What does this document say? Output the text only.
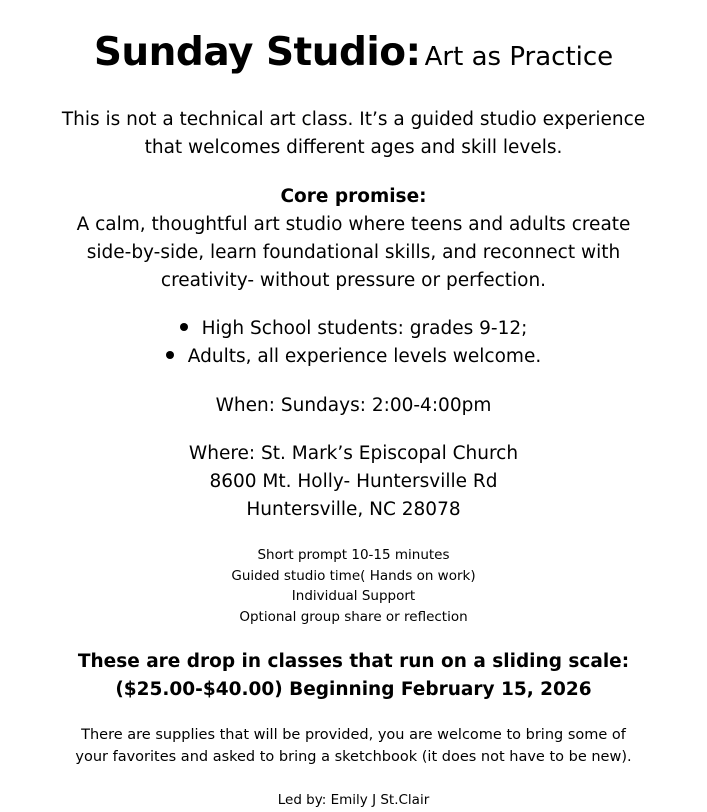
Sunday Studio: Art as Practice
This is not a technical art class. It’s a guided studio experience
that welcomes different ages and skill levels.
Core promise:
A calm, thoughtful art studio where teens and adults create
side-by-side, learn foundational skills, and reconnect with
creativity- without pressure or perfection.
High School students: grades 9-12;
Adults, all experience levels welcome.
When: Sundays: 2:00-4:00pm
Where: St. Mark’s Episcopal Church
8600 Mt. Holly- Huntersville Rd
Huntersville, NC 28078
Short prompt 10-15 minutes
Guided studio time( Hands on work)
Individual Support
Optional group share or reflection
These are drop in classes that run on a sliding scale:
($25.00-$40.00) Beginning February 15, 2026
There are supplies that will be provided, you are welcome to bring some of
your favorites and asked to bring a sketchbook (it does not have to be new).
Led by: Emily J St.Clair
